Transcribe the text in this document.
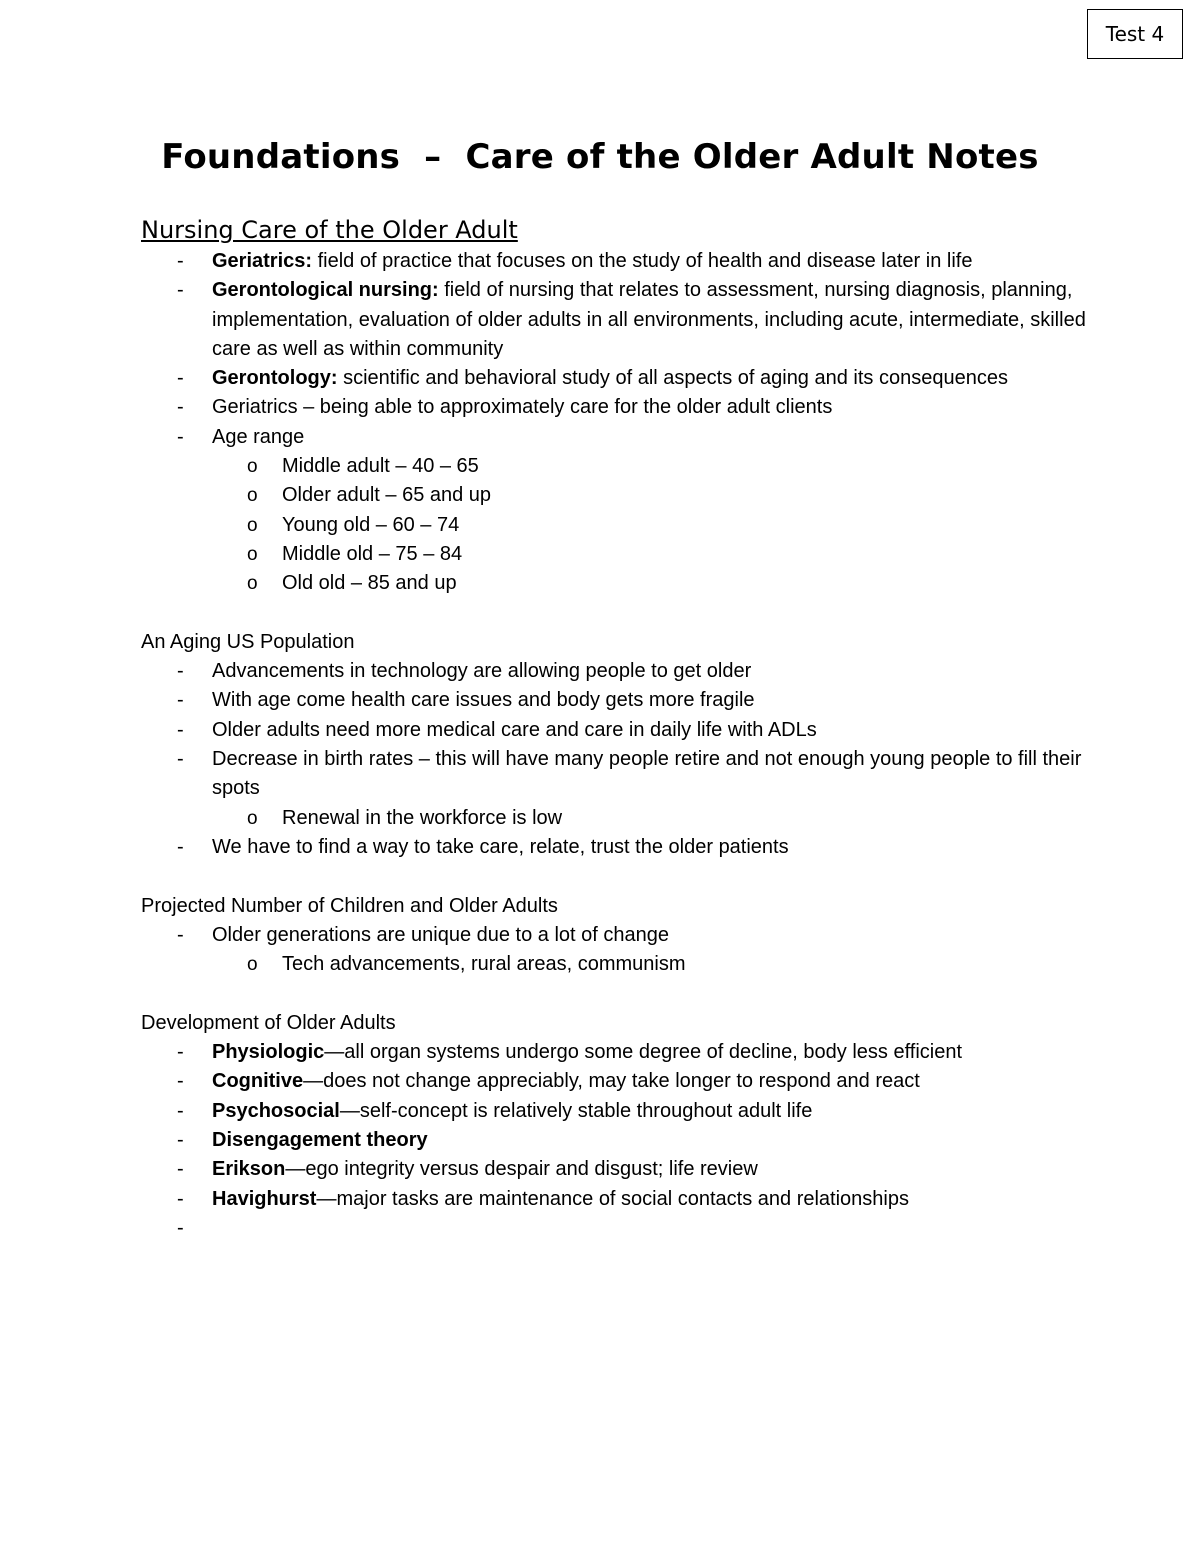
Test 4
Foundations  –  Care of the Older Adult Notes
Nursing Care of the Older Adult
- Geriatrics: field of practice that focuses on the study of health and disease later in life
- Gerontological nursing: field of nursing that relates to assessment, nursing diagnosis, planning, implementation, evaluation of older adults in all environments, including acute, intermediate, skilled care as well as within community
- Gerontology: scientific and behavioral study of all aspects of aging and its consequences
- Geriatrics – being able to approximately care for the older adult clients
- Age range
o Middle adult – 40 – 65
o Older adult – 65 and up
o Young old – 60 – 74
o Middle old – 75 – 84
o Old old – 85 and up
An Aging US Population
- Advancements in technology are allowing people to get older
- With age come health care issues and body gets more fragile
- Older adults need more medical care and care in daily life with ADLs
- Decrease in birth rates – this will have many people retire and not enough young people to fill their spots
o Renewal in the workforce is low
- We have to find a way to take care, relate, trust the older patients
Projected Number of Children and Older Adults
- Older generations are unique due to a lot of change
o Tech advancements, rural areas, communism
Development of Older Adults
- Physiologic—all organ systems undergo some degree of decline, body less efficient
- Cognitive—does not change appreciably, may take longer to respond and react
- Psychosocial—self-concept is relatively stable throughout adult life
- Disengagement theory
- Erikson—ego integrity versus despair and disgust; life review
- Havighurst—major tasks are maintenance of social contacts and relationships
-
